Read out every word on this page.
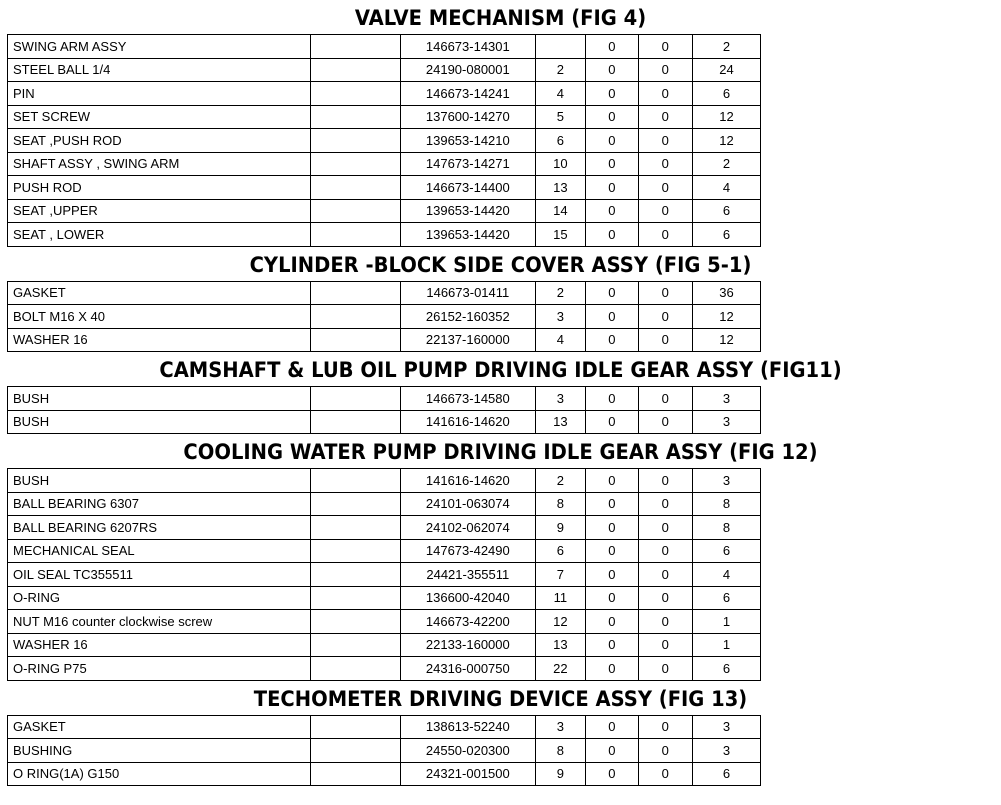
VALVE MECHANISM (FIG 4)
SWING ARM ASSY		146673-14301		0	0	2
STEEL BALL 1/4		24190-080001	2	0	0	24
PIN		146673-14241	4	0	0	6
SET SCREW		137600-14270	5	0	0	12
SEAT ,PUSH ROD		139653-14210	6	0	0	12
SHAFT ASSY , SWING ARM		147673-14271	10	0	0	2
PUSH ROD		146673-14400	13	0	0	4
SEAT ,UPPER		139653-14420	14	0	0	6
SEAT , LOWER		139653-14420	15	0	0	6
CYLINDER -BLOCK SIDE COVER ASSY (FIG 5-1)
GASKET		146673-01411	2	0	0	36
BOLT M16 X 40		26152-160352	3	0	0	12
WASHER 16		22137-160000	4	0	0	12
CAMSHAFT & LUB OIL PUMP DRIVING IDLE GEAR ASSY (FIG11)
BUSH		146673-14580	3	0	0	3
BUSH		141616-14620	13	0	0	3
COOLING WATER PUMP DRIVING IDLE GEAR ASSY (FIG 12)
BUSH		141616-14620	2	0	0	3
BALL BEARING 6307		24101-063074	8	0	0	8
BALL BEARING 6207RS		24102-062074	9	0	0	8
MECHANICAL SEAL		147673-42490	6	0	0	6
OIL SEAL TC355511		24421-355511	7	0	0	4
O-RING		136600-42040	11	0	0	6
NUT M16 counter clockwise screw		146673-42200	12	0	0	1
WASHER 16		22133-160000	13	0	0	1
O-RING P75		24316-000750	22	0	0	6
TECHOMETER DRIVING DEVICE ASSY (FIG 13)
GASKET		138613-52240	3	0	0	3
BUSHING		24550-020300	8	0	0	3
O RING(1A) G150		24321-001500	9	0	0	6
